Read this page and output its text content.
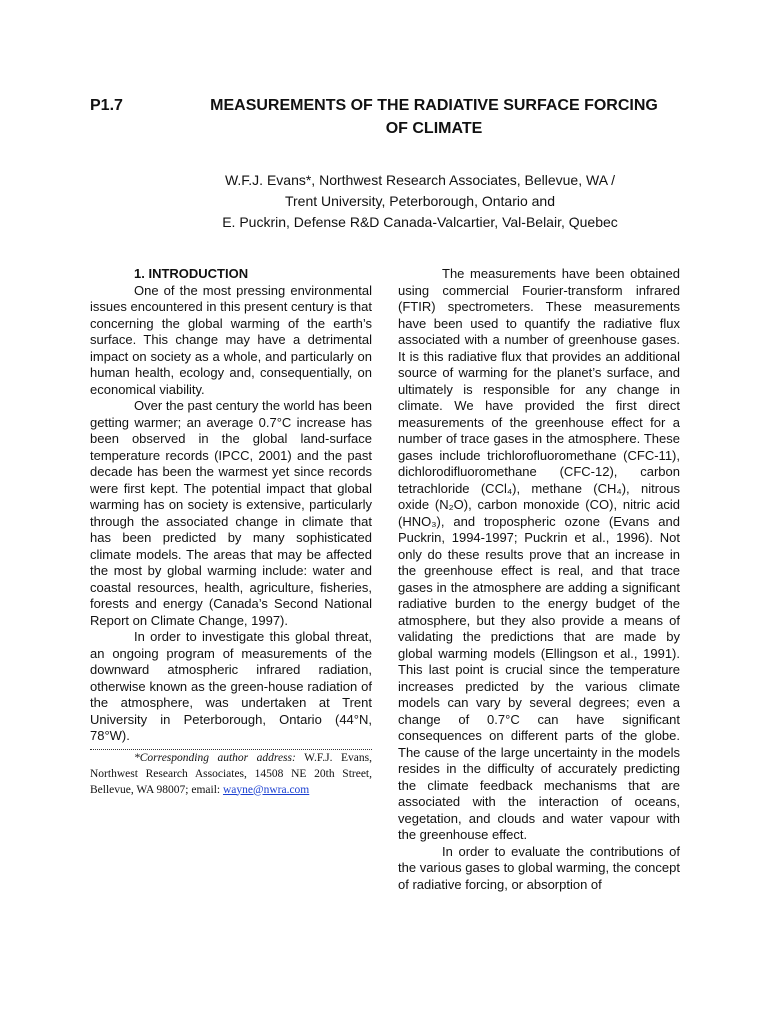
P1.7	MEASUREMENTS OF THE RADIATIVE SURFACE FORCING
OF CLIMATE
W.F.J. Evans*, Northwest Research Associates, Bellevue, WA /
Trent University, Peterborough, Ontario and
E. Puckrin, Defense R&D Canada-Valcartier, Val-Belair, Quebec

1. INTRODUCTION

One of the most pressing environmental issues encountered in this present century is that concerning the global warming of the earth’s surface. This change may have a detrimental impact on society as a whole, and particularly on human health, ecology and, consequentially, on economical viability.

Over the past century the world has been getting warmer; an average 0.7°C increase has been observed in the global land-surface temperature records (IPCC, 2001) and the past decade has been the warmest yet since records were first kept. The potential impact that global warming has on society is extensive, particularly through the associated change in climate that has been predicted by many sophisticated climate models. The areas that may be affected the most by global warming include: water and coastal resources, health, agriculture, fisheries, forests and energy (Canada’s Second National Report on Climate Change, 1997).

In order to investigate this global threat, an ongoing program of measurements of the downward atmospheric infrared radiation, otherwise known as the green-house radiation of the atmosphere, was undertaken at Trent University in Peterborough, Ontario (44°N, 78°W).

*Corresponding author address: W.F.J. Evans, Northwest Research Associates, 14508 NE 20th Street, Bellevue, WA 98007; email: wayne@nwra.com

The measurements have been obtained using commercial Fourier-transform infrared (FTIR) spectrometers. These measurements have been used to quantify the radiative flux associated with a number of greenhouse gases. It is this radiative flux that provides an additional source of warming for the planet’s surface, and ultimately is responsible for any change in climate. We have provided the first direct measurements of the greenhouse effect for a number of trace gases in the atmosphere. These gases include trichlorofluoromethane (CFC-11), dichlorodifluoromethane (CFC-12), carbon tetrachloride (CCl₄), methane (CH₄), nitrous oxide (N₂O), carbon monoxide (CO), nitric acid (HNO₃), and tropospheric ozone (Evans and Puckrin, 1994-1997; Puckrin et al., 1996). Not only do these results prove that an increase in the greenhouse effect is real, and that trace gases in the atmosphere are adding a significant radiative burden to the energy budget of the atmosphere, but they also provide a means of validating the predictions that are made by global warming models (Ellingson et al., 1991). This last point is crucial since the temperature increases predicted by the various climate models can vary by several degrees; even a change of 0.7°C can have significant consequences on different parts of the globe. The cause of the large uncertainty in the models resides in the difficulty of accurately predicting the climate feedback mechanisms that are associated with the interaction of oceans, vegetation, and clouds and water vapour with the greenhouse effect.

In order to evaluate the contributions of the various gases to global warming, the concept of radiative forcing, or absorption of
